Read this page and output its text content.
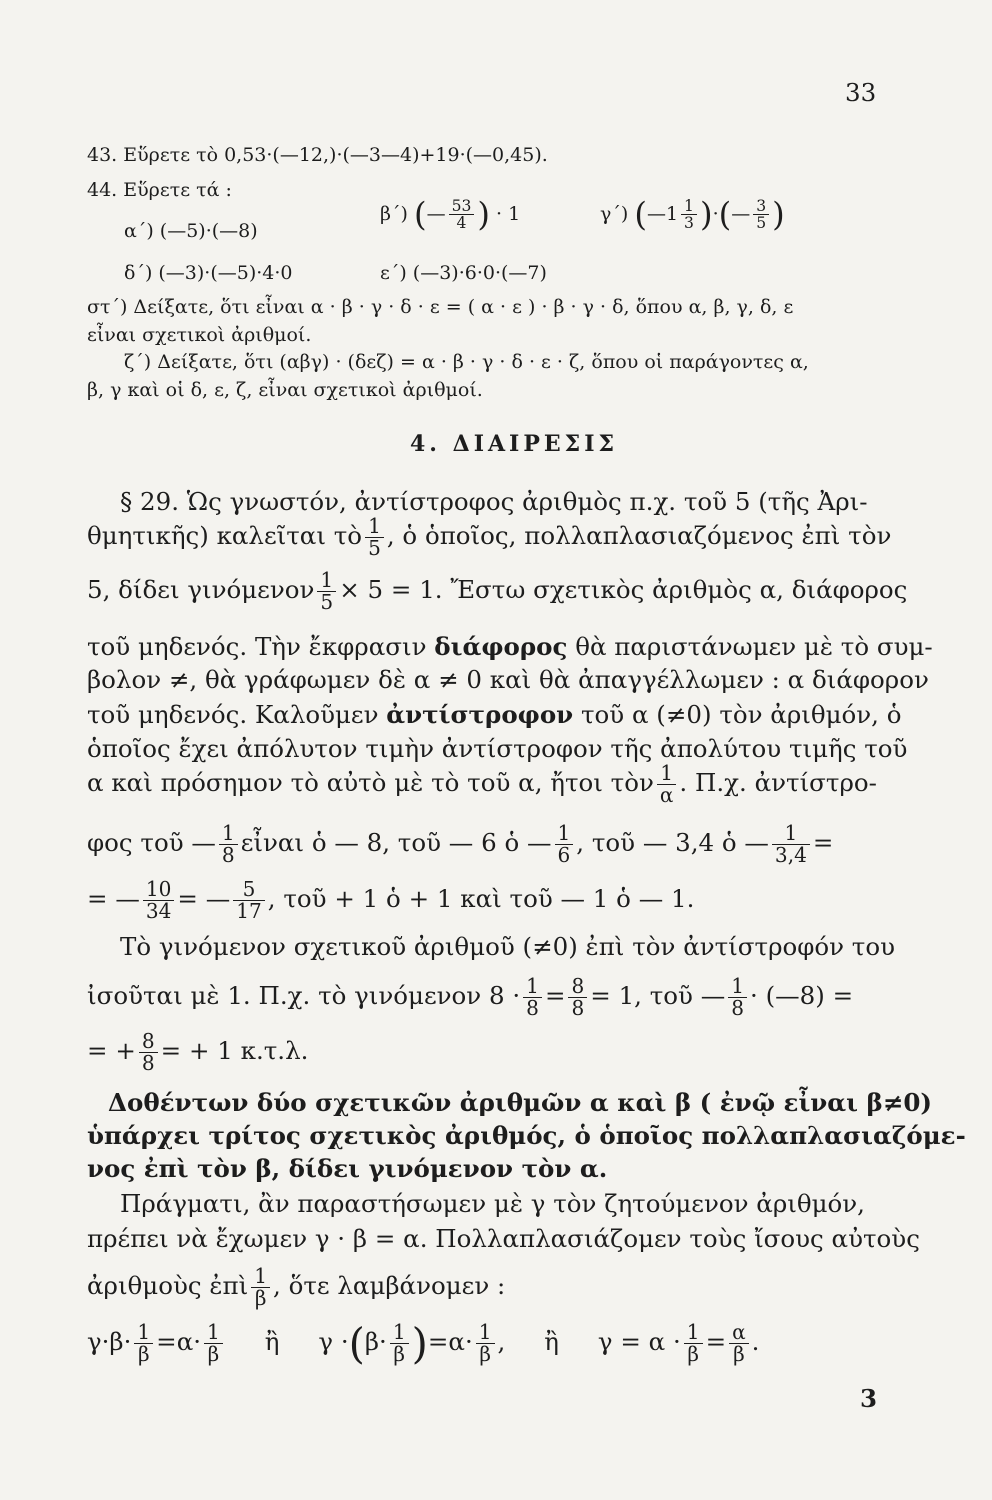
33
43. Εὕρετε τὸ 0,53·(—12,)·(—3—4)+19·(—0,45).
44. Εὕρετε τά :
α΄) (—5)·(—8)
β΄) (— $\frac{53}{4}$ ) · 1	γ΄) (—1 $\frac{1}{3}$ )·(— $\frac{3}{5}$ )
δ΄) (—3)·(—5)·4·0	ε΄) (—3)·6·0·(—7)
στ΄) Δείξατε, ὅτι εἶναι α · β · γ · δ · ε = ( α · ε ) · β · γ · δ, ὅπου α, β, γ, δ, ε
εἶναι σχετικοὶ ἀριθμοί.
ζ΄) Δείξατε, ὅτι (αβγ) · (δεζ) = α · β · γ · δ · ε · ζ, ὅπου οἱ παράγοντες α,
β, γ καὶ οἱ δ, ε, ζ, εἶναι σχετικοὶ ἀριθμοί.
4. ΔΙΑΙΡΕΣΙΣ
§ 29. Ὡς γνωστόν, ἀντίστροφος ἀριθμὸς π.χ. τοῦ 5 (τῆς Ἀρι-
θμητικῆς) καλεῖται τὸ $\frac{1}{5}$ , ὁ ὁποῖος, πολλαπλασιαζόμενος ἐπὶ τὸν
5, δίδει γινόμενον $\frac{1}{5} \times 5 = 1$. Ἔστω σχετικὸς ἀριθμὸς α, διάφορος
τοῦ μηδενός. Τὴν ἔκφρασιν διάφορος θὰ παριστάνωμεν μὲ τὸ συμ-
βολον ≠, θὰ γράφωμεν δὲ α ≠ 0 καὶ θὰ ἀπαγγέλλωμεν : α διάφορον
τοῦ μηδενός. Καλοῦμεν ἀντίστροφον τοῦ α (≠0) τὸν ἀριθμόν, ὁ
ὁποῖος ἔχει ἀπόλυτον τιμὴν ἀντίστροφον τῆς ἀπολύτου τιμῆς τοῦ
α καὶ πρόσημον τὸ αὐτὸ μὲ τὸ τοῦ α, ἤτοι τὸν $\frac{1}{\alpha}$ . Π.χ. ἀντίστρο-
φος τοῦ — $\frac{1}{8}$ εἶναι ὁ — 8, τοῦ — 6 ὁ — $\frac{1}{6}$ , τοῦ — 3,4 ὁ — $\frac{1}{3,4}$ =
= — $\frac{10}{34}$ = — $\frac{5}{17}$ , τοῦ + 1 ὁ + 1 καὶ τοῦ — 1 ὁ — 1.
Τὸ γινόμενον σχετικοῦ ἀριθμοῦ (≠0) ἐπὶ τὸν ἀντίστροφόν του
ἰσοῦται μὲ 1. Π.χ. τὸ γινόμενον $8 \cdot \frac{1}{8} = \frac{8}{8} = 1$, τοῦ — $\frac{1}{8}$ · (—8) =
= + $\frac{8}{8}$ = + 1 κ.τ.λ.
Δοθέντων δύο σχετικῶν ἀριθμῶν α καὶ β ( ἐνῷ εἶναι β≠0)
ὑπάρχει τρίτος σχετικὸς ἀριθμός, ὁ ὁποῖος πολλαπλασιαζόμε-
νος ἐπὶ τὸν β, δίδει γινόμενον τὸν α.
Πράγματι, ἂν παραστήσωμεν μὲ γ τὸν ζητούμενον ἀριθμόν,
πρέπει νὰ ἔχωμεν γ · β = α. Πολλαπλασιάζομεν τοὺς ἴσους αὐτοὺς
ἀριθμοὺς ἐπὶ $\frac{1}{\beta}$ , ὅτε λαμβάνομεν :
$\gamma\cdot\beta\cdot \frac{1}{\beta} =\alpha\cdot \frac{1}{\beta}$ ἢ $\gamma \cdot(\beta\cdot \frac{1}{\beta} )=\alpha\cdot \frac{1}{\beta}$ , ἢ $\gamma = \alpha \cdot \frac{1}{\beta} = \frac{\alpha}{\beta}$ .
3
